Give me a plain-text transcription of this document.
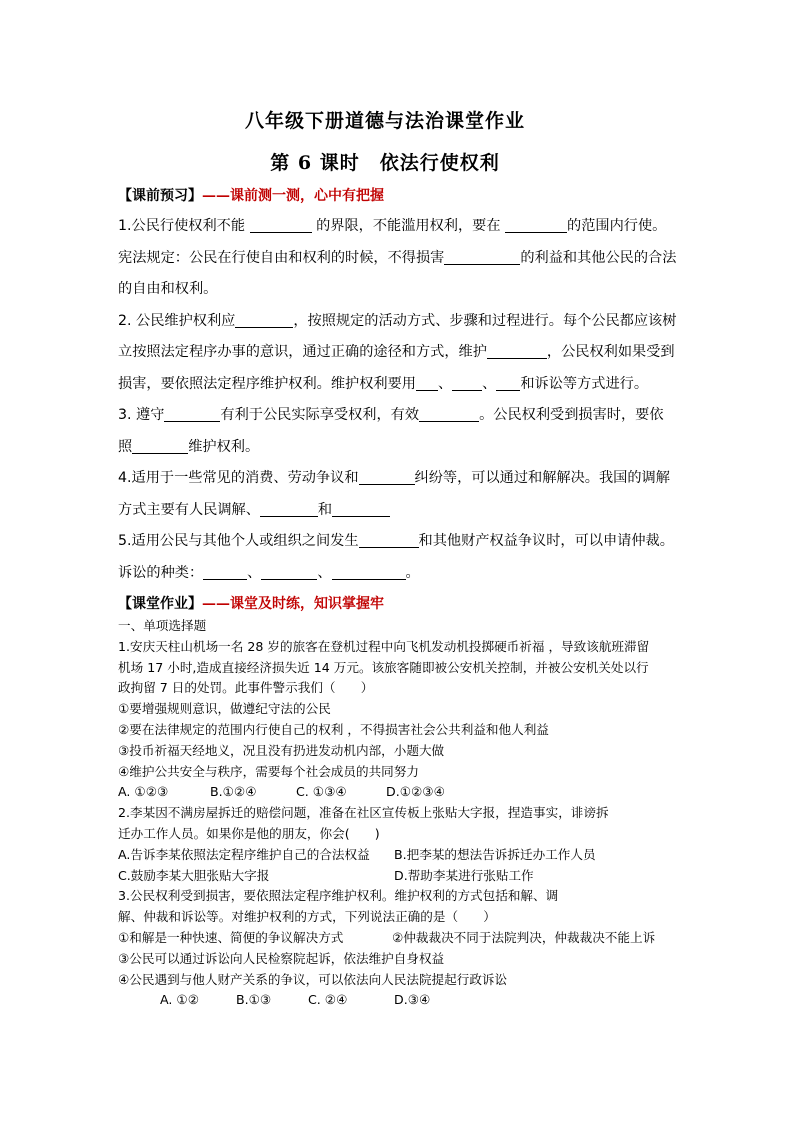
八年级下册道德与法治课堂作业
第 6 课时　依法行使权利
【课前预习】——课前测一测，心中有把握

1.公民行使权利不能	的界限，不能滥用权利，要在	的范围内行使。

宪法规定：公民在行使自由和权利的时候，不得损害	的利益和其他公民的合法

的自由和权利。

2. 公民维护权利应	，按照规定的活动方式、步骤和过程进行。每个公民都应该树

立按照法定程序办事的意识，通过正确的途径和方式，维护	，公民权利如果受到

损害，要依照法定程序维护权利。维护权利要用 、 、 和诉讼等方式进行。

3. 遵守	有利于公民实际享受权利，有效	。公民权利受到损害时，要依

照	维护权利。

4.适用于一些常见的消费、劳动争议和	纠纷等，可以通过和解解决。我国的调解

方式主要有人民调解、	和

5.适用公民与其他个人或组织之间发生	和其他财产权益争议时，可以申请仲裁。

诉讼的种类：	、	、	。

【课堂作业】——课堂及时练，知识掌握牢

一、单项选择题

1.安庆天柱山机场一名 28 岁的旅客在登机过程中向飞机发动机投掷硬币祈福 ，导致该航班滞留

机场 17 小时,造成直接经济损失近 14 万元。该旅客随即被公安机关控制，并被公安机关处以行

政拘留 7 日的处罚。此事件警示我们（　　）

①要增强规则意识，做遵纪守法的公民

②要在法律规定的范围内行使自己的权利 ，不得损害社会公共利益和他人利益

③投币祈福天经地义，况且没有扔进发动机内部，小题大做

④维护公共安全与秩序，需要每个社会成员的共同努力

A. ①②③	B.①②④	C. ①③④	D.①②③④

2.李某因不满房屋拆迁的赔偿问题，准备在社区宣传板上张贴大字报，捏造事实，诽谤拆

迁办工作人员。如果你是他的朋友，你会(　　)

A.告诉李某依照法定程序维护自己的合法权益 B.把李某的想法告诉拆迁办工作人员
C.鼓励李某大胆张贴大字报	D.帮助李某进行张贴工作

3.公民权利受到损害，要依照法定程序维护权利。维护权利的方式包括和解、调

解、仲裁和诉讼等。对维护权利的方式，下列说法正确的是（　　）

①和解是一种快速、简便的争议解决方式	②仲裁裁决不同于法院判决，仲裁裁决不能上诉

③公民可以通过诉讼向人民检察院起诉，依法维护自身权益

④公民遇到与他人财产关系的争议，可以依法向人民法院提起行政诉讼

A. ①②	B.①③	C. ②④	D.③④
